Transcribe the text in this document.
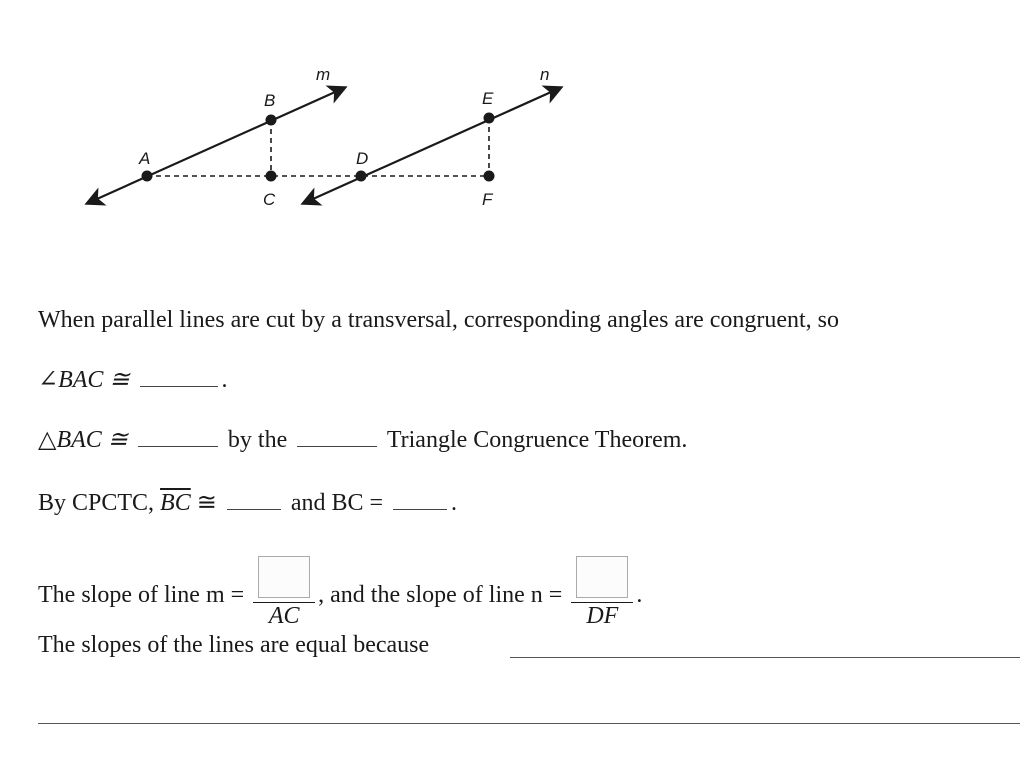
m	n
A
B
C
D
E
F
When parallel lines are cut by a transversal, corresponding angles are congruent, so
∠BAC ≅	.
△BAC ≅	by the	Triangle Congruence Theorem.
By CPCTC, $\overline{BC}$ ≅	and BC =	.
The slope of line m =
AC
, and the slope of line n =
DF
.
The slopes of the lines are equal because
